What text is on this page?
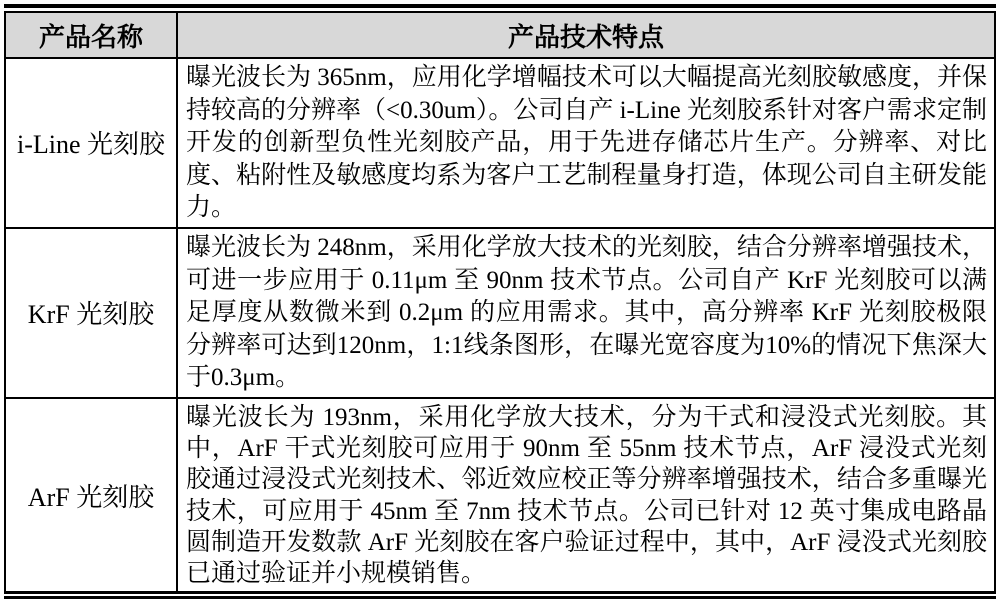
产品名称	产品技术特点
i-Line 光刻胶
曝光波长为 365nm，应用化学增幅技术可以大幅提高光刻胶敏感度，并保持较高的分辨率（<0.30um）。公司自产 i-Line 光刻胶系针对客户需求定制开发的创新型负性光刻胶产品，用于先进存储芯片生产。分辨率、对比度、粘附性及敏感度均系为客户工艺制程量身打造，体现公司自主研发能力。
KrF 光刻胶
曝光波长为 248nm，采用化学放大技术的光刻胶，结合分辨率增强技术，可进一步应用于 0.11μm 至 90nm 技术节点。公司自产 KrF 光刻胶可以满足厚度从数微米到 0.2μm 的应用需求。其中，高分辨率 KrF 光刻胶极限分辨率可达到120nm，1:1线条图形，在曝光宽容度为10%的情况下焦深大于0.3μm。
ArF 光刻胶
曝光波长为 193nm，采用化学放大技术，分为干式和浸没式光刻胶。其中，ArF 干式光刻胶可应用于 90nm 至 55nm 技术节点，ArF 浸没式光刻胶通过浸没式光刻技术、邻近效应校正等分辨率增强技术，结合多重曝光技术，可应用于 45nm 至 7nm 技术节点。公司已针对 12 英寸集成电路晶圆制造开发数款 ArF 光刻胶在客户验证过程中，其中，ArF 浸没式光刻胶已通过验证并小规模销售。
